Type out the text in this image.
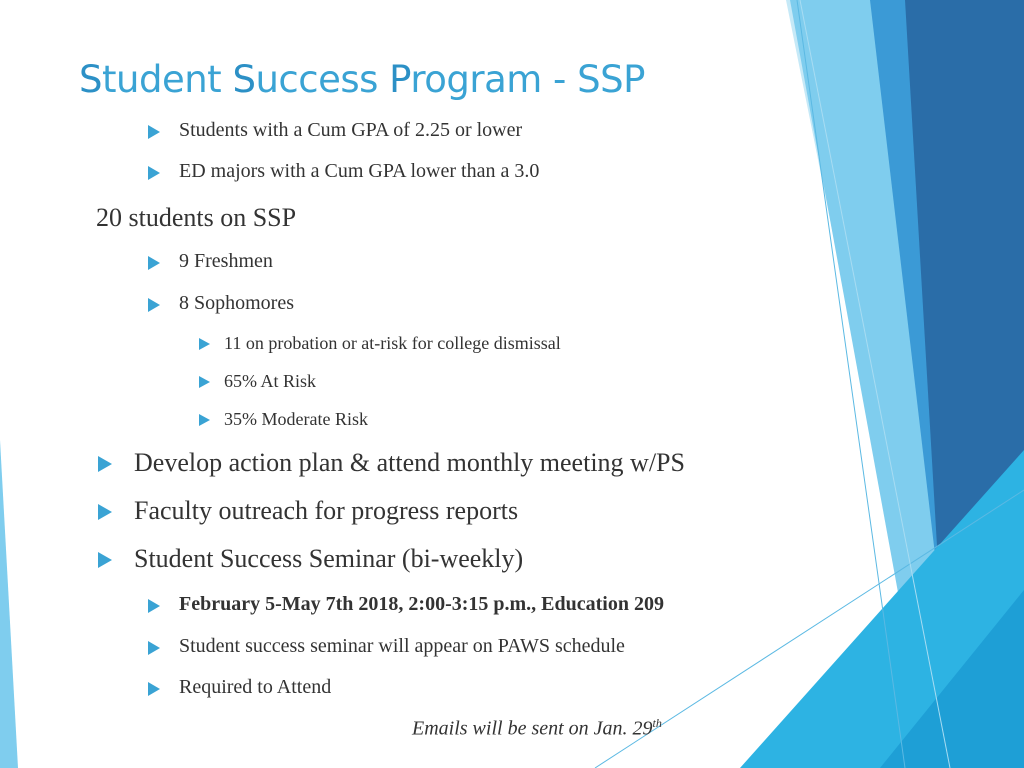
Student Success Program - SSP
Students with a Cum GPA of 2.25 or lower
ED majors with a Cum GPA lower than a 3.0
20 students on SSP
9 Freshmen
8 Sophomores
11 on probation or at-risk for college dismissal
65% At Risk
35% Moderate Risk
Develop action plan & attend monthly meeting w/PS
Faculty outreach for progress reports
Student Success Seminar (bi-weekly)
February 5-May 7th 2018, 2:00-3:15 p.m., Education 209
Student success seminar will appear on PAWS schedule
Required to Attend
Emails will be sent on Jan. 29th
